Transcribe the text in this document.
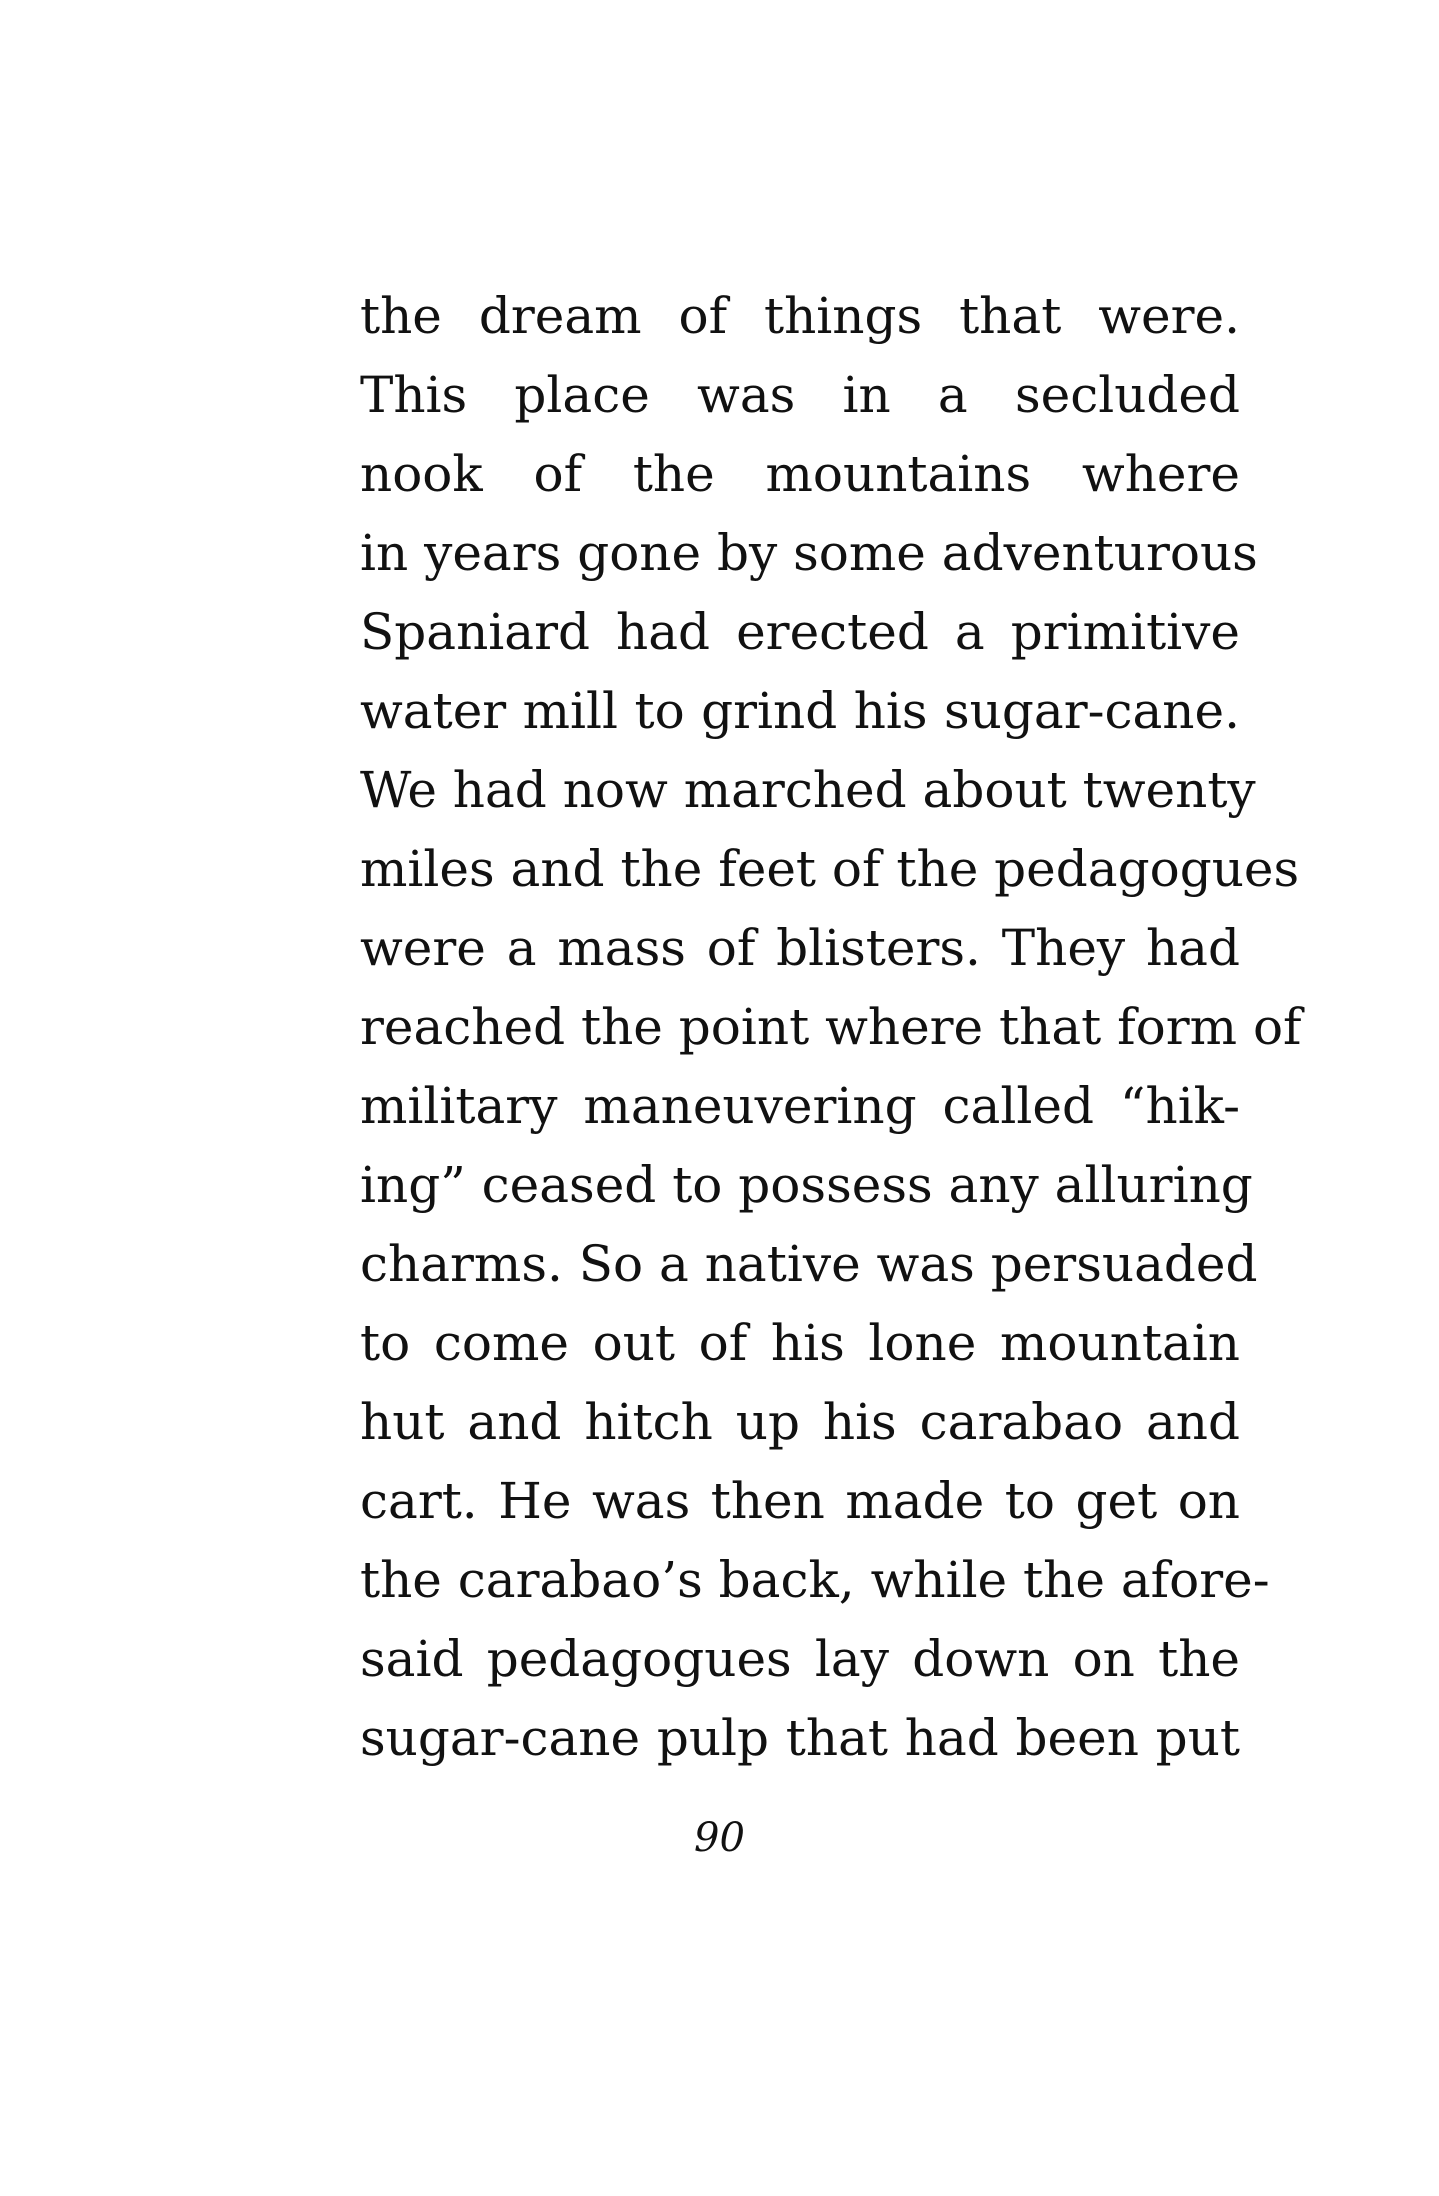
the dream of things that were.
This place was in a secluded
nook of the mountains where
in years gone by some adventurous
Spaniard had erected a primitive
water mill to grind his sugar-cane.
We had now marched about twenty
miles and the feet of the pedagogues
were a mass of blisters. They had
reached the point where that form of
military maneuvering called “hik-
ing” ceased to possess any alluring
charms. So a native was persuaded
to come out of his lone mountain
hut and hitch up his carabao and
cart. He was then made to get on
the carabao’s back, while the afore-
said pedagogues lay down on the
sugar-cane pulp that had been put
90
